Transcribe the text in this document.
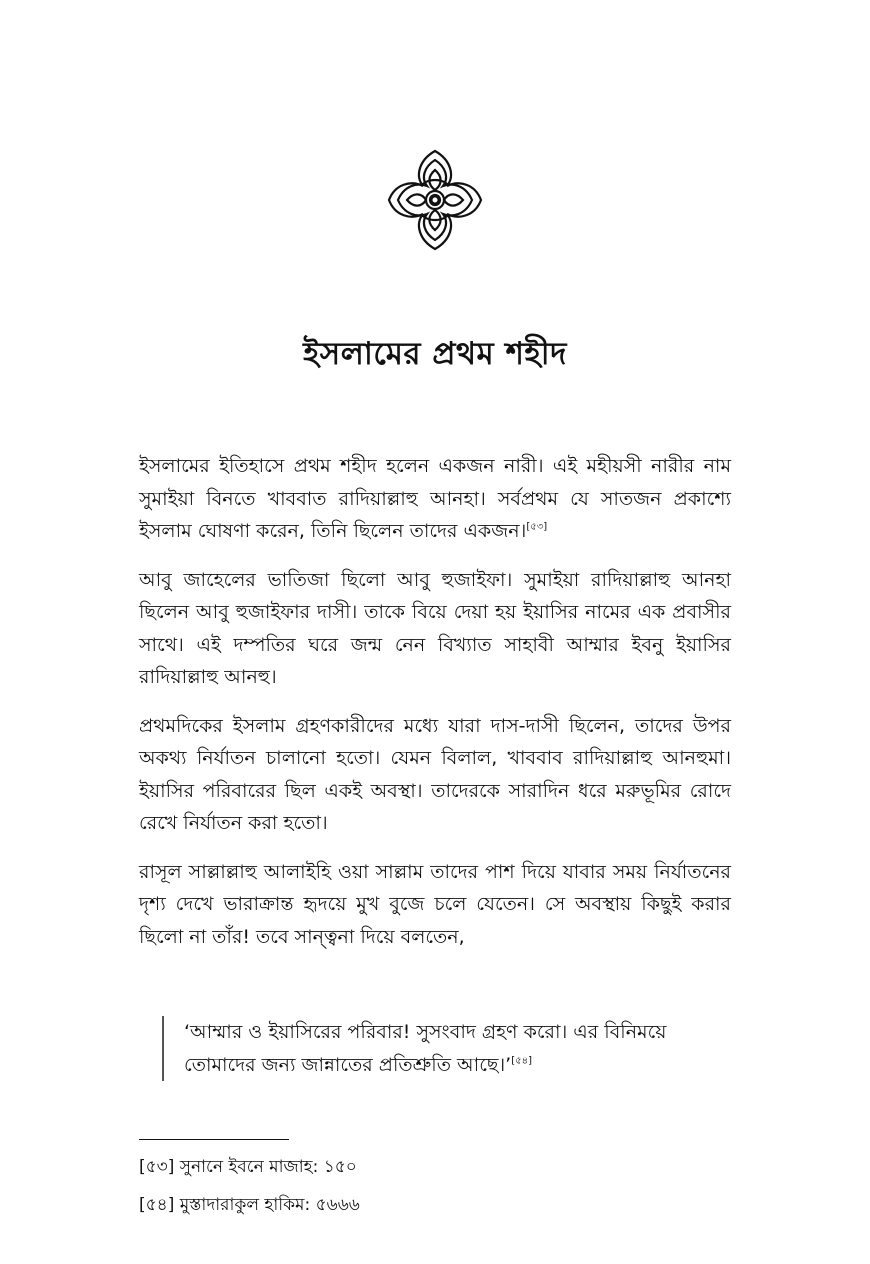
ইসলামের প্রথম শহীদ

ইসলামের ইতিহাসে প্রথম শহীদ হলেন একজন নারী। এই মহীয়সী নারীর নাম সুমাইয়া বিনতে খাববাত রাদিয়াল্লাহু আনহা। সর্বপ্রথম যে সাতজন প্রকাশ্যে ইসলাম ঘোষণা করেন, তিনি ছিলেন তাদের একজন।[৫৩]

আবু জাহেলের ভাতিজা ছিলো আবু হুজাইফা। সুমাইয়া রাদিয়াল্লাহু আনহা ছিলেন আবু হুজাইফার দাসী। তাকে বিয়ে দেয়া হয় ইয়াসির নামের এক প্রবাসীর সাথে। এই দম্পতির ঘরে জন্ম নেন বিখ্যাত সাহাবী আম্মার ইবনু ইয়াসির রাদিয়াল্লাহু আনহু।

প্রথমদিকের ইসলাম গ্রহণকারীদের মধ্যে যারা দাস-দাসী ছিলেন, তাদের উপর অকথ্য নির্যাতন চালানো হতো। যেমন বিলাল, খাববাব রাদিয়াল্লাহু আনহুমা। ইয়াসির পরিবারের ছিল একই অবস্থা। তাদেরকে সারাদিন ধরে মরুভূমির রোদে রেখে নির্যাতন করা হতো।

রাসূল সাল্লাল্লাহু আলাইহি ওয়া সাল্লাম তাদের পাশ দিয়ে যাবার সময় নির্যাতনের দৃশ্য দেখে ভারাক্রান্ত হৃদয়ে মুখ বুজে চলে যেতেন। সে অবস্থায় কিছুই করার ছিলো না তাঁর! তবে সান্ত্বনা দিয়ে বলতেন,

‘আম্মার ও ইয়াসিরের পরিবার! সুসংবাদ গ্রহণ করো। এর বিনিময়ে তোমাদের জন্য জান্নাতের প্রতিশ্রুতি আছে।’[৫৪]
[৫৩] সুনানে ইবনে মাজাহ: ১৫০
[৫৪] মুস্তাদারাকুল হাকিম: ৫৬৬৬
